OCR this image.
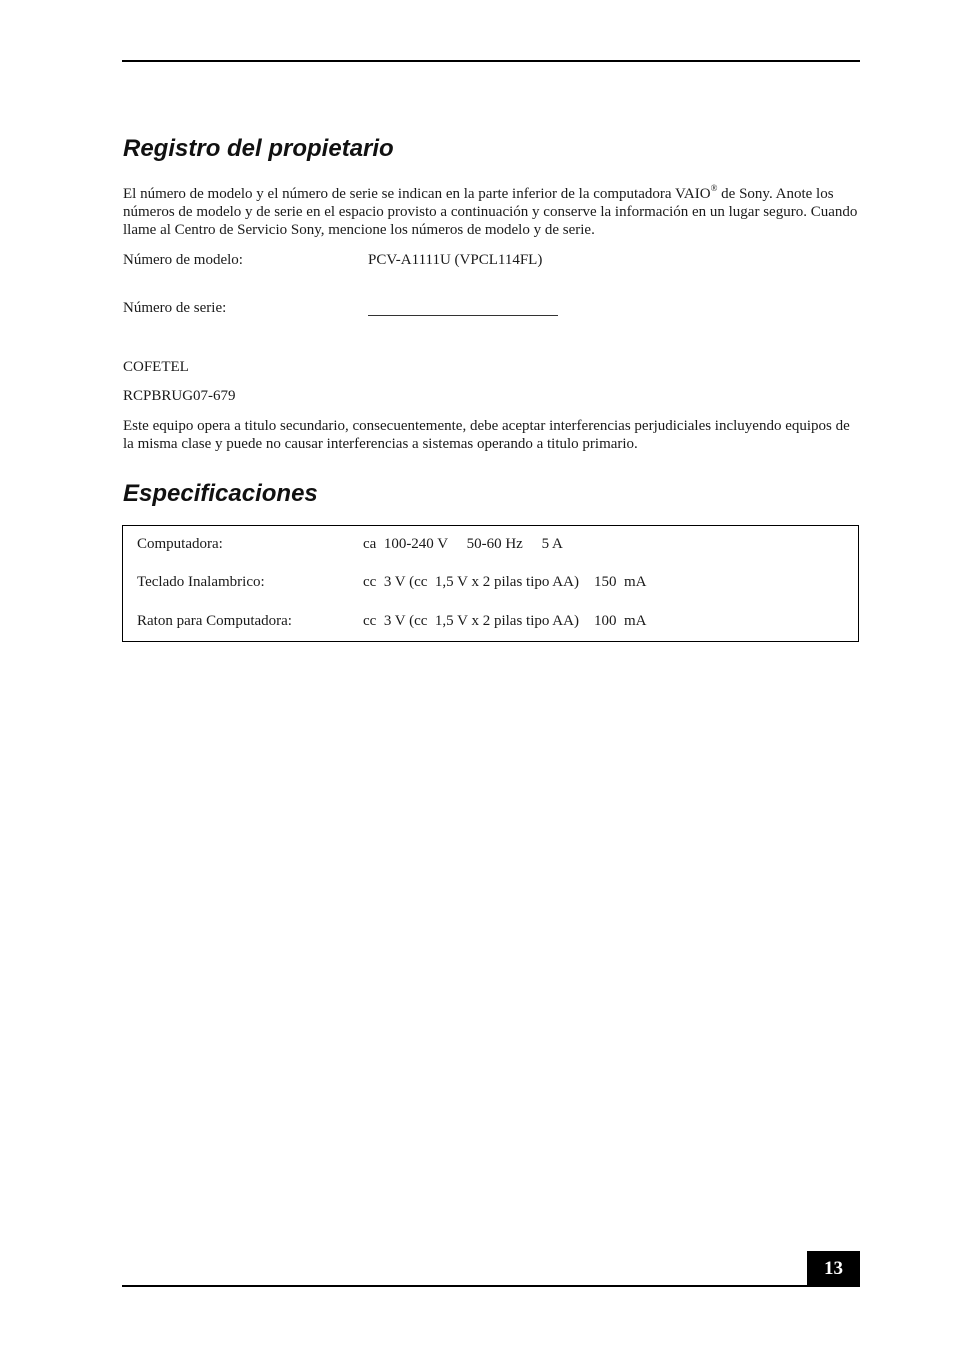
Registro del propietario

El número de modelo y el número de serie se indican en la parte inferior de la computadora VAIO® de Sony. Anote los números de modelo y de serie en el espacio provisto a continuación y conserve la información en un lugar seguro. Cuando llame al Centro de Servicio Sony, mencione los números de modelo y de serie.

Número de modelo:	PCV-A1111U (VPCL114FL)
Número de serie:
COFETEL
RCPBRUG07-679

Este equipo opera a titulo secundario, consecuentemente, debe aceptar interferencias perjudiciales incluyendo equipos de la misma clase y puede no causar interferencias a sistemas operando a titulo primario.

Especificaciones
Computadora:	ca  100-240 V     50-60 Hz     5 A
Teclado Inalambrico:	cc  3 V (cc  1,5 V x 2 pilas tipo AA)    150  mA
Raton para Computadora:	cc  3 V (cc  1,5 V x 2 pilas tipo AA)    100  mA
13
